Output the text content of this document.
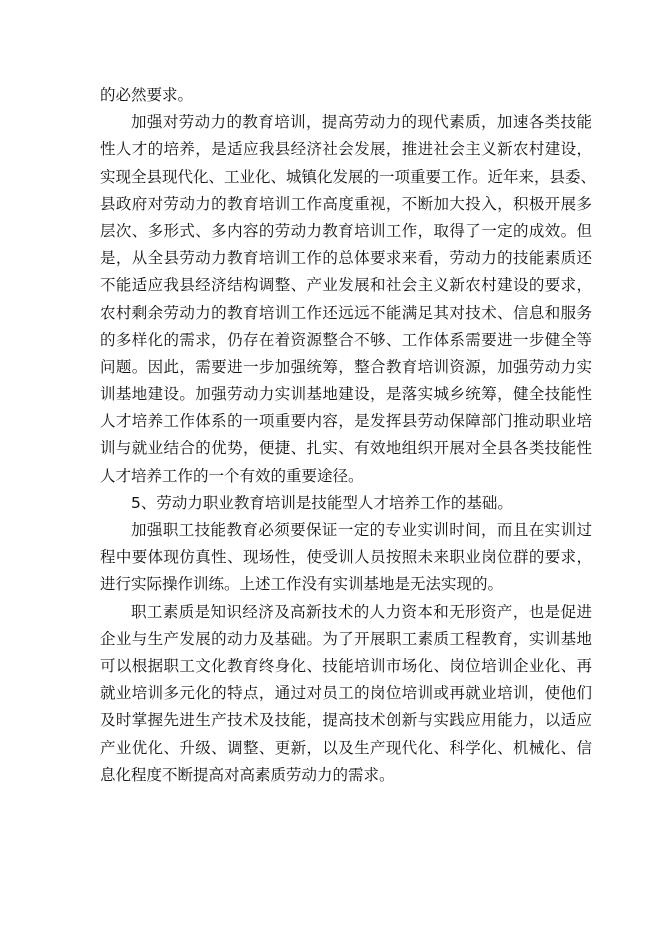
的必然要求。
加强对劳动力的教育培训，提高劳动力的现代素质，加速各类技能
性人才的培养，是适应我县经济社会发展，推进社会主义新农村建设，
实现全县现代化、工业化、城镇化发展的一项重要工作。近年来，县委、
县政府对劳动力的教育培训工作高度重视，不断加大投入，积极开展多
层次、多形式、多内容的劳动力教育培训工作，取得了一定的成效。但
是，从全县劳动力教育培训工作的总体要求来看，劳动力的技能素质还
不能适应我县经济结构调整、产业发展和社会主义新农村建设的要求，
农村剩余劳动力的教育培训工作还远远不能满足其对技术、信息和服务
的多样化的需求，仍存在着资源整合不够、工作体系需要进一步健全等
问题。因此，需要进一步加强统筹，整合教育培训资源，加强劳动力实
训基地建设。加强劳动力实训基地建设，是落实城乡统筹，健全技能性
人才培养工作体系的一项重要内容，是发挥县劳动保障部门推动职业培
训与就业结合的优势，便捷、扎实、有效地组织开展对全县各类技能性
人才培养工作的一个有效的重要途径。
5、劳动力职业教育培训是技能型人才培养工作的基础。
加强职工技能教育必须要保证一定的专业实训时间，而且在实训过
程中要体现仿真性、现场性，使受训人员按照未来职业岗位群的要求，
进行实际操作训练。上述工作没有实训基地是无法实现的。
职工素质是知识经济及高新技术的人力资本和无形资产，也是促进
企业与生产发展的动力及基础。为了开展职工素质工程教育，实训基地
可以根据职工文化教育终身化、技能培训市场化、岗位培训企业化、再
就业培训多元化的特点，通过对员工的岗位培训或再就业培训，使他们
及时掌握先进生产技术及技能，提高技术创新与实践应用能力，以适应
产业优化、升级、调整、更新，以及生产现代化、科学化、机械化、信
息化程度不断提高对高素质劳动力的需求。
